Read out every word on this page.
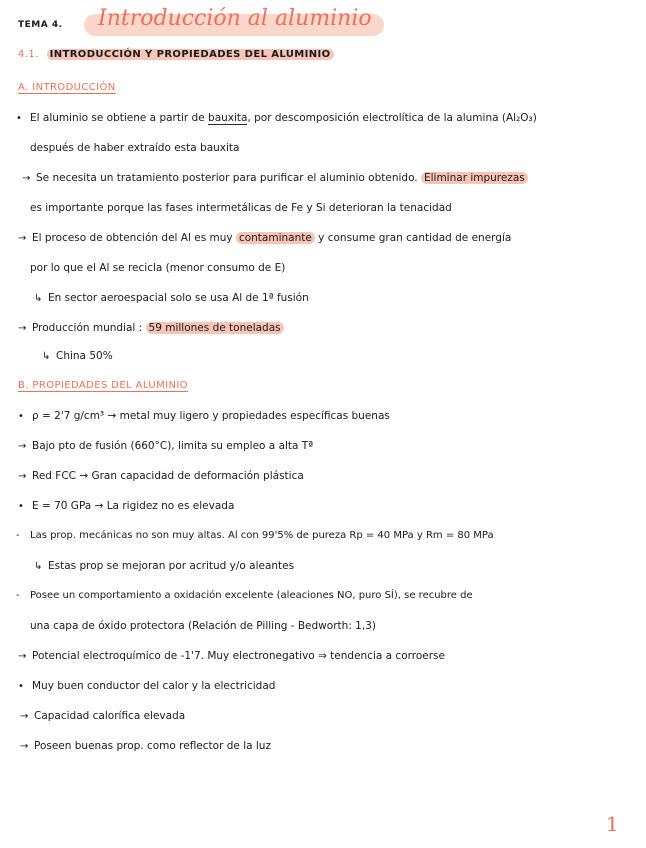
TEMA 4. Introducción al aluminio
4.1. INTRODUCCIÓN Y PROPIEDADES DEL ALUMINIO
A. INTRODUCCIÓN
• El aluminio se obtiene a partir de bauxita, por descomposición electrolítica de la alumina (Al₂O₃)
después de haber extraído esta bauxita
→ Se necesita un tratamiento posterior para purificar el aluminio obtenido. Eliminar impurezas
es importante porque las fases intermetálicas de Fe y Si deterioran la tenacidad
→ El proceso de obtención del Al es muy contaminante y consume gran cantidad de energía
por lo que el Al se recicla (menor consumo de E)
↳ En sector aeroespacial solo se usa Al de 1ª fusión
→ Producción mundial : 59 millones de toneladas
↳ China 50%
B. PROPIEDADES DEL ALUMINIO
• ρ = 2'7 g/cm³ → metal muy ligero y propiedades específicas buenas
→ Bajo pto de fusión (660°C), limita su empleo a alta Tª
→ Red FCC → Gran capacidad de deformación plástica
• E = 70 GPa → La rigidez no es elevada
- Las prop. mecánicas no son muy altas. Al con 99'5% de pureza Rp = 40 MPa y Rm = 80 MPa
↳ Estas prop se mejoran por acritud y/o aleantes
- Posee un comportamiento a oxidación excelente (aleaciones NO, puro SÍ), se recubre de
una capa de óxido protectora (Relación de Pilling - Bedworth: 1,3)
→ Potencial electroquímico de -1'7. Muy electronegativo ⇒ tendencia a corroerse
• Muy buen conductor del calor y la electricidad
→ Capacidad calorífica elevada
→ Poseen buenas prop. como reflector de la luz
1
